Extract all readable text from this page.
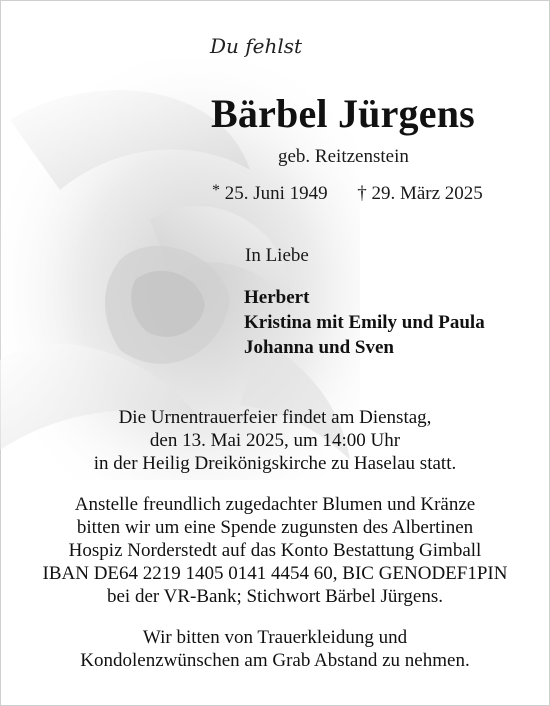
Du fehlst
Bärbel Jürgens
geb. Reitzenstein
* 25. Juni 1949 † 29. März 2025
In Liebe
Herbert
Kristina mit Emily und Paula
Johanna und Sven
Die Urnentrauerfeier findet am Dienstag,
den 13. Mai 2025, um 14:00 Uhr
in der Heilig Dreikönigskirche zu Haselau statt.
Anstelle freundlich zugedachter Blumen und Kränze
bitten wir um eine Spende zugunsten des Albertinen
Hospiz Norderstedt auf das Konto Bestattung Gimball
IBAN DE64 2219 1405 0141 4454 60, BIC GENODEF1PIN
bei der VR-Bank; Stichwort Bärbel Jürgens.
Wir bitten von Trauerkleidung und
Kondolenzwünschen am Grab Abstand zu nehmen.
